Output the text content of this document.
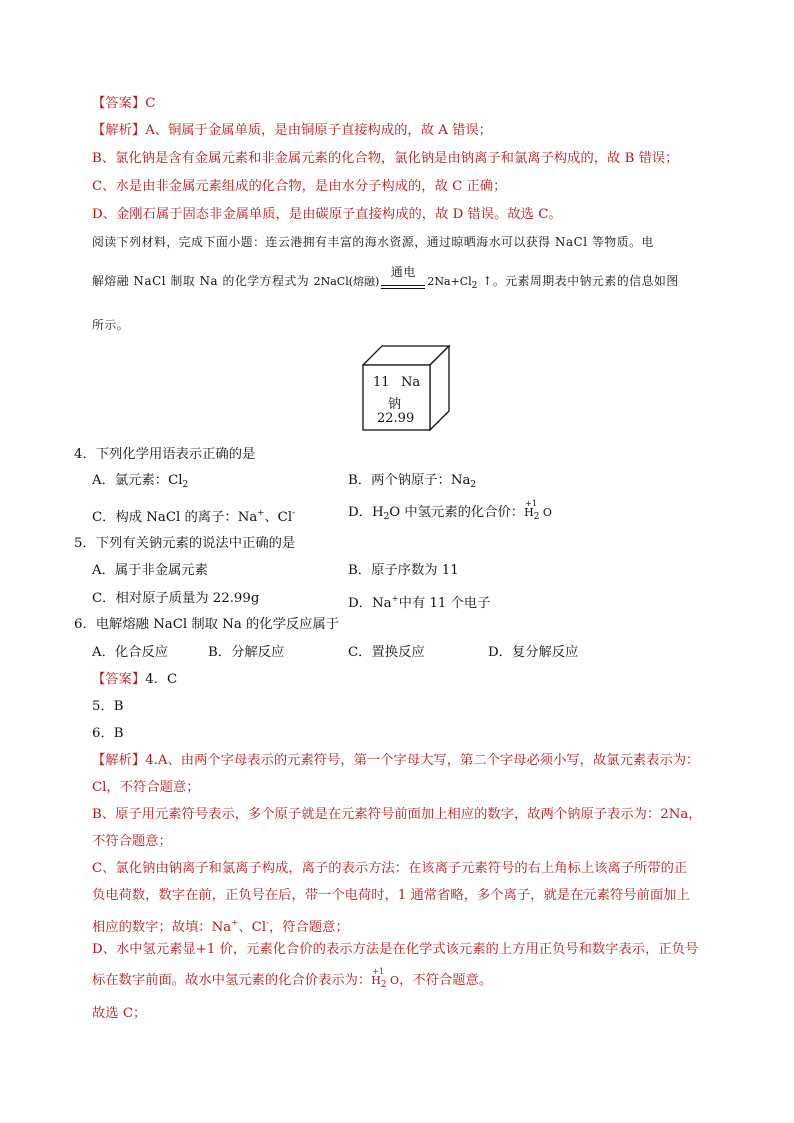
【答案】C
【解析】A、铜属于金属单质，是由铜原子直接构成的，故 A 错误；
B、氯化钠是含有金属元素和非金属元素的化合物，氯化钠是由钠离子和氯离子构成的，故 B 错误；
C、水是由非金属元素组成的化合物，是由水分子构成的，故 C 正确；
D、金刚石属于固态非金属单质，是由碳原子直接构成的，故 D 错误。故选 C。
阅读下列材料，完成下面小题：连云港拥有丰富的海水资源，通过晾晒海水可以获得 NaCl 等物质。电
解熔融 NaCl 制取 Na 的化学方程式为 2NaCl(熔融)
通电
$2Na+Cl_2$ ↑。元素周期表中钠元素的信息如图
所示。
11 Na
钠
22.99
4．下列化学用语表示正确的是
A．氯元素：$Cl_2$	B．两个钠原子：$Na_2$
C．构成 NaCl 的离子：Na+、Cl-	D．$H_2O$ 中氢元素的化合价：
+1
$H_2$ O
5．下列有关钠元素的说法中正确的是
A．属于非金属元素	B．原子序数为 11
C．相对原子质量为 22.99g	D．Na+中有 11 个电子
6．电解熔融 NaCl 制取 Na 的化学反应属于
A．化合反应	B．分解反应	C．置换反应	D．复分解反应
【答案】4．C
5．B
6．B
【解析】4.A、由两个字母表示的元素符号，第一个字母大写，第二个字母必须小写，故氯元素表示为：
Cl，不符合题意；
B、原子用元素符号表示，多个原子就是在元素符号前面加上相应的数字，故两个钠原子表示为：2Na，
不符合题意；
C、氯化钠由钠离子和氯离子构成，离子的表示方法：在该离子元素符号的右上角标上该离子所带的正
负电荷数，数字在前，正负号在后，带一个电荷时，1 通常省略，多个离子，就是在元素符号前面加上
相应的数字；故填：Na+、Cl-，符合题意；
D、水中氢元素显+1 价，元素化合价的表示方法是在化学式该元素的上方用正负号和数字表示，正负号
标在数字前面。故水中氢元素的化合价表示为：
+1
$H_2$ O，不符合题意。
故选 C；
